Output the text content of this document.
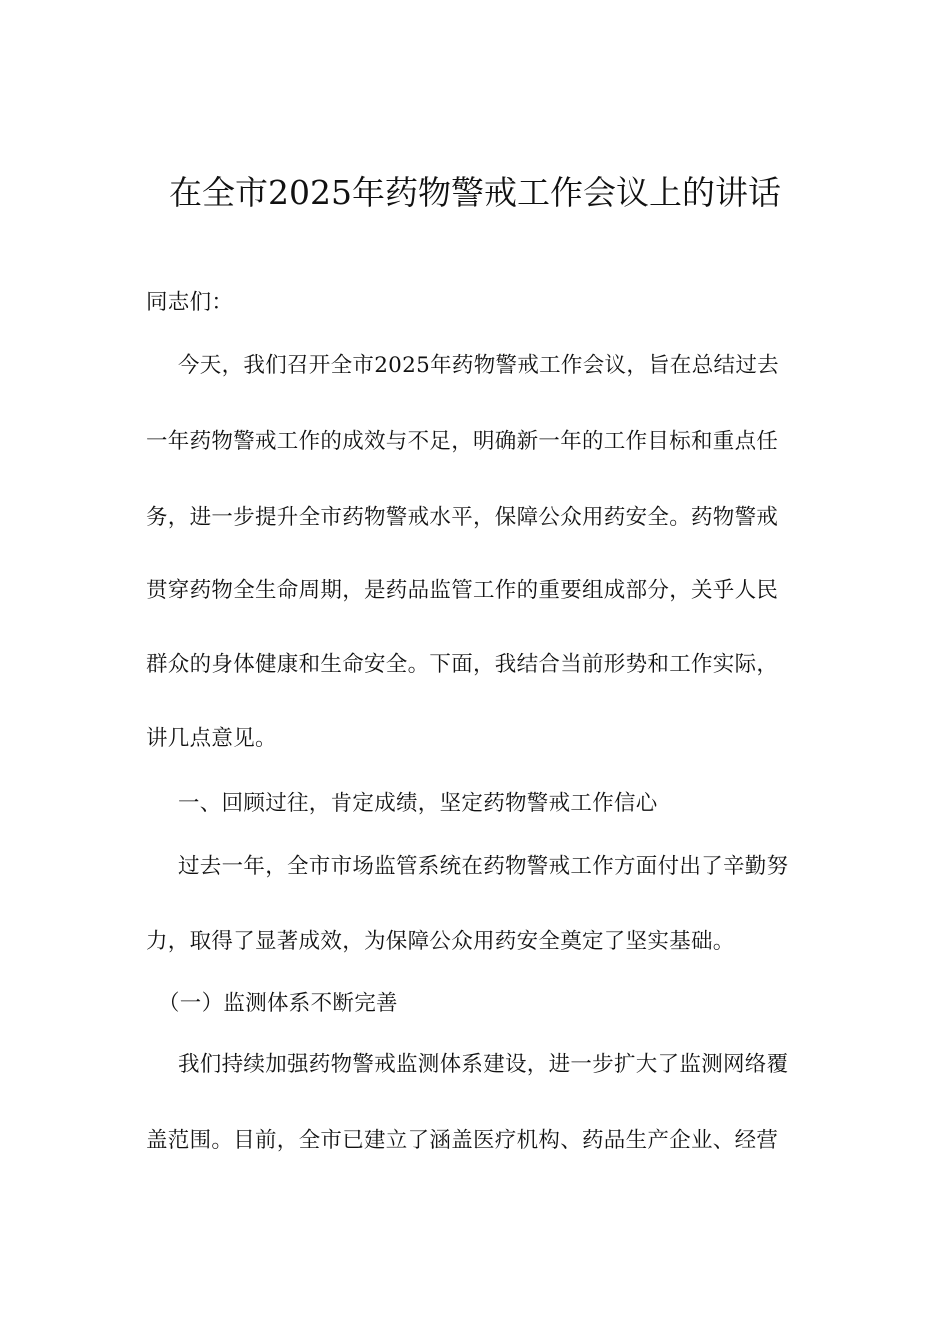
在全市2025年药物警戒工作会议上的讲话
同志们：
今天，我们召开全市2025年药物警戒工作会议，旨在总结过去
一年药物警戒工作的成效与不足，明确新一年的工作目标和重点任
务，进一步提升全市药物警戒水平，保障公众用药安全。药物警戒
贯穿药物全生命周期，是药品监管工作的重要组成部分，关乎人民
群众的身体健康和生命安全。下面，我结合当前形势和工作实际，
讲几点意见。
一、回顾过往，肯定成绩，坚定药物警戒工作信心
过去一年，全市市场监管系统在药物警戒工作方面付出了辛勤努
力，取得了显著成效，为保障公众用药安全奠定了坚实基础。
（一）监测体系不断完善
我们持续加强药物警戒监测体系建设，进一步扩大了监测网络覆
盖范围。目前，全市已建立了涵盖医疗机构、药品生产企业、经营
